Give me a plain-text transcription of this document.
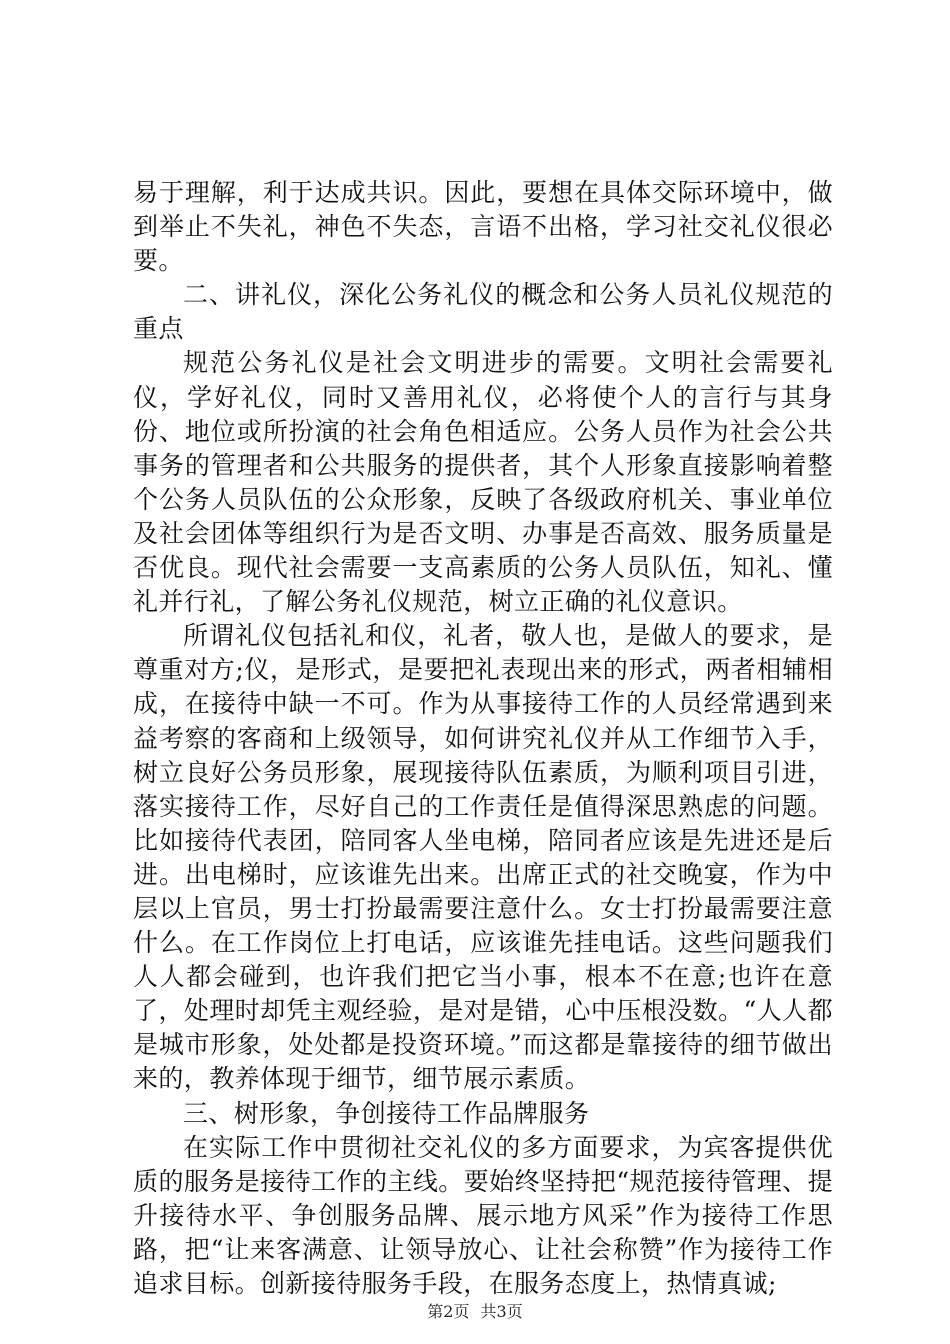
易于理解，利于达成共识。因此，要想在具体交际环境中，做到举止不失礼，神色不失态，言语不出格，学习社交礼仪很必要。

二、讲礼仪，深化公务礼仪的概念和公务人员礼仪规范的重点

规范公务礼仪是社会文明进步的需要。文明社会需要礼仪，学好礼仪，同时又善用礼仪，必将使个人的言行与其身份、地位或所扮演的社会角色相适应。公务人员作为社会公共事务的管理者和公共服务的提供者，其个人形象直接影响着整个公务人员队伍的公众形象，反映了各级政府机关、事业单位及社会团体等组织行为是否文明、办事是否高效、服务质量是否优良。现代社会需要一支高素质的公务人员队伍，知礼、懂礼并行礼，了解公务礼仪规范，树立正确的礼仪意识。

所谓礼仪包括礼和仪，礼者，敬人也，是做人的要求，是尊重对方;仪，是形式，是要把礼表现出来的形式，两者相辅相成，在接待中缺一不可。作为从事接待工作的人员经常遇到来益考察的客商和上级领导，如何讲究礼仪并从工作细节入手，树立良好公务员形象，展现接待队伍素质，为顺利项目引进，落实接待工作，尽好自己的工作责任是值得深思熟虑的问题。比如接待代表团，陪同客人坐电梯，陪同者应该是先进还是后进。出电梯时，应该谁先出来。出席正式的社交晚宴，作为中层以上官员，男士打扮最需要注意什么。女士打扮最需要注意什么。在工作岗位上打电话，应该谁先挂电话。这些问题我们人人都会碰到，也许我们把它当小事，根本不在意;也许在意了，处理时却凭主观经验，是对是错，心中压根没数。“人人都是城市形象，处处都是投资环境。”而这都是靠接待的细节做出来的，教养体现于细节，细节展示素质。

三、树形象，争创接待工作品牌服务

在实际工作中贯彻社交礼仪的多方面要求，为宾客提供优质的服务是接待工作的主线。要始终坚持把“规范接待管理、提升接待水平、争创服务品牌、展示地方风采”作为接待工作思路，把“让来客满意、让领导放心、让社会称赞”作为接待工作追求目标。创新接待服务手段，在服务态度上，热情真诚;

第2页 共3页
